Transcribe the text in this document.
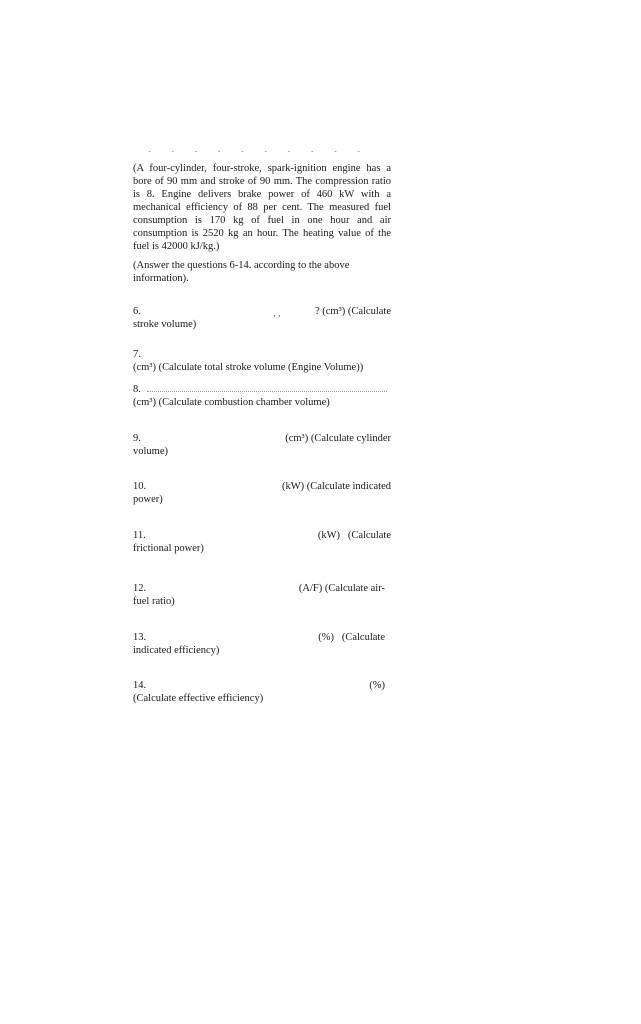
˘ ˘ ˘ ˘ ˘ ˘ ˘ ˘ ˘ ˘
(A four-cylinder, four-stroke, spark-ignition engine has a bore of 90 mm and stroke of 90 mm. The compression ratio is 8. Engine delivers brake power of 460 kW with a mechanical efficiency of 88 per cent. The measured fuel consumption is 170 kg of fuel in one hour and air consumption is 2520 kg an hour. The heating value of the fuel is 42000 kJ/kg.)
(Answer the questions 6-14. according to the above information).
6.	, ,	? (cm³) (Calculate
stroke volume)
7.
(cm³) (Calculate total stroke volume (Engine Volume))
8.
(cm³) (Calculate combustion chamber volume)
9.	(cm³) (Calculate cylinder
volume)
10.	(kW) (Calculate indicated
power)
11.	(kW)   (Calculate
frictional power)
12.	(A/F) (Calculate air-
fuel ratio)
13.	(%)   (Calculate
indicated efficiency)
14.	(%)
(Calculate effective efficiency)
